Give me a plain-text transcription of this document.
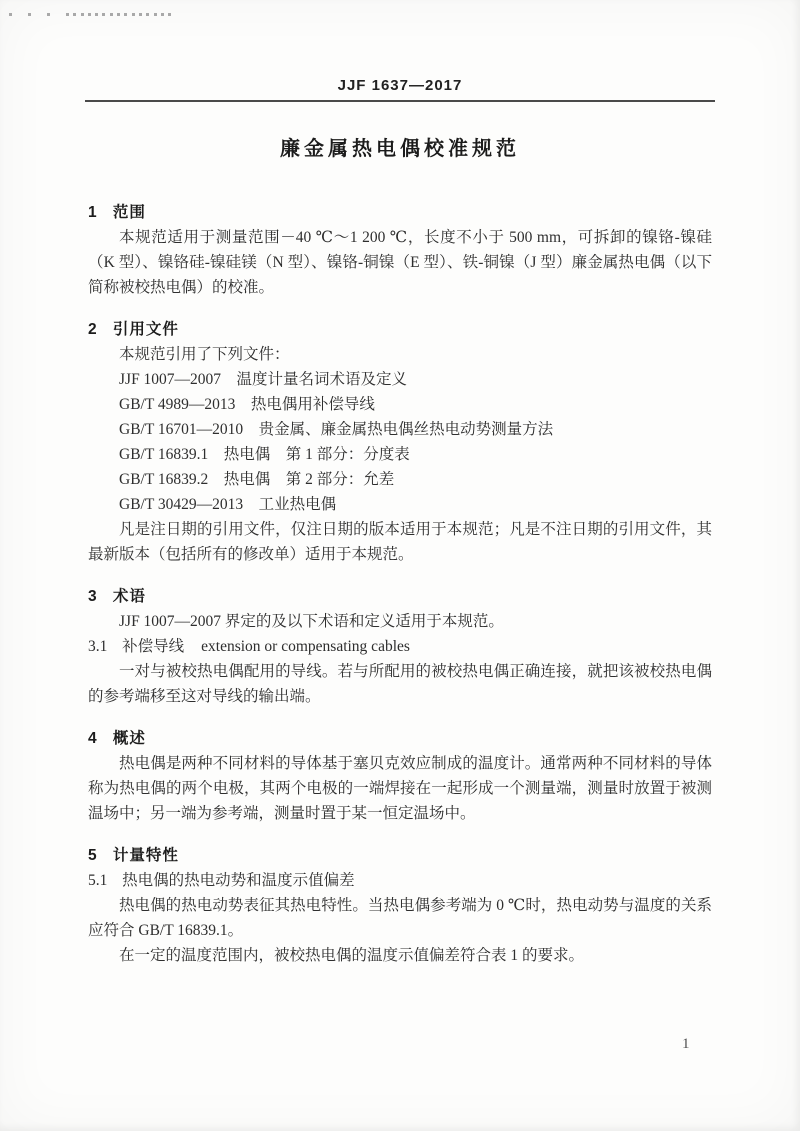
JJF 1637—2017
廉金属热电偶校准规范
1 范围

本规范适用于测量范围－40 ℃～1 200 ℃，长度不小于 500 mm，可拆卸的镍铬-镍硅（K 型）、镍铬硅-镍硅镁（N 型）、镍铬-铜镍（E 型）、铁-铜镍（J 型）廉金属热电偶（以下简称被校热电偶）的校准。

2 引用文件

本规范引用了下列文件：

JJF 1007—2007　温度计量名词术语及定义
GB/T 4989—2013　热电偶用补偿导线
GB/T 16701—2010　贵金属、廉金属热电偶丝热电动势测量方法
GB/T 16839.1　热电偶　第 1 部分：分度表
GB/T 16839.2　热电偶　第 2 部分：允差
GB/T 30429—2013　工业热电偶

凡是注日期的引用文件，仅注日期的版本适用于本规范；凡是不注日期的引用文件，其最新版本（包括所有的修改单）适用于本规范。

3 术语

JJF 1007—2007 界定的及以下术语和定义适用于本规范。

3.1 补偿导线 extension or compensating cables

一对与被校热电偶配用的导线。若与所配用的被校热电偶正确连接，就把该被校热电偶的参考端移至这对导线的输出端。

4 概述

热电偶是两种不同材料的导体基于塞贝克效应制成的温度计。通常两种不同材料的导体称为热电偶的两个电极，其两个电极的一端焊接在一起形成一个测量端，测量时放置于被测温场中；另一端为参考端，测量时置于某一恒定温场中。

5 计量特性
5.1 热电偶的热电动势和温度示值偏差

热电偶的热电动势表征其热电特性。当热电偶参考端为 0 ℃时，热电动势与温度的关系应符合 GB/T 16839.1。

在一定的温度范围内，被校热电偶的温度示值偏差符合表 1 的要求。

1
